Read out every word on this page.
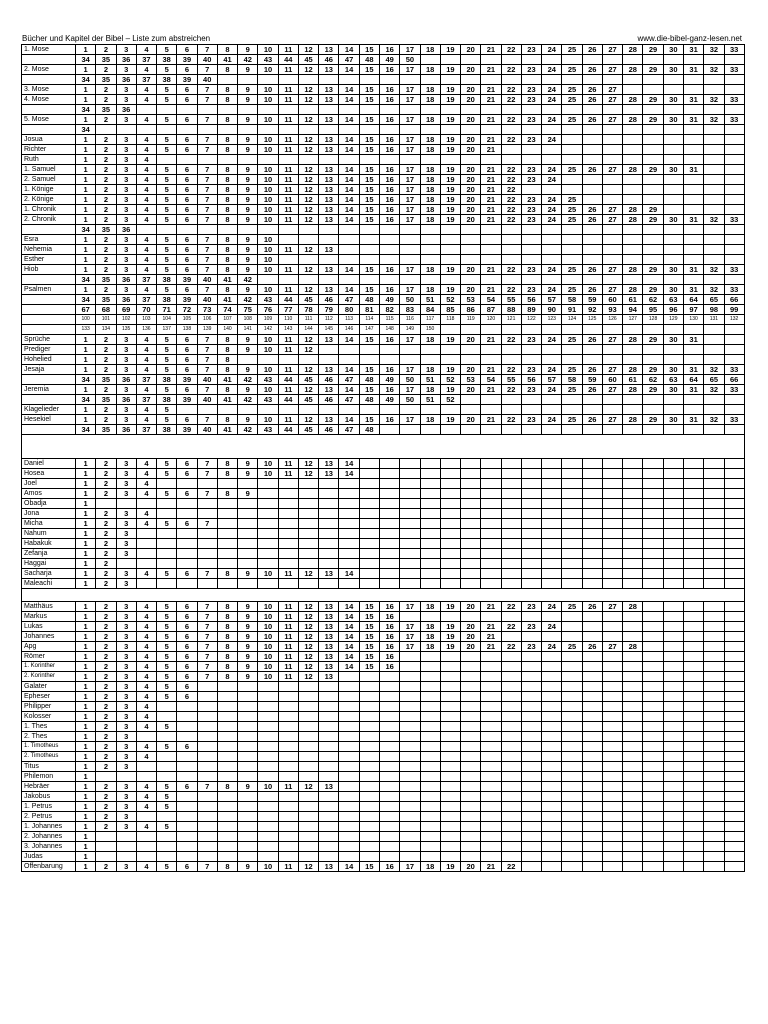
Bücher und Kapitel der Bibel – Liste zum abstreichen	www.die-bibel-ganz-lesen.net
1. Mose	1	2	3	4	5	6	7	8	9	10	11	12	13	14	15	16	17	18	19	20	21	22	23	24	25	26	27	28	29	30	31	32	33
	34	35	36	37	38	39	40	41	42	43	44	45	46	47	48	49	50																
2. Mose	1	2	3	4	5	6	7	8	9	10	11	12	13	14	15	16	17	18	19	20	21	22	23	24	25	26	27	28	29	30	31	32	33
	34	35	36	37	38	39	40																										
3. Mose	1	2	3	4	5	6	7	8	9	10	11	12	13	14	15	16	17	18	19	20	21	22	23	24	25	26	27						
4. Mose	1	2	3	4	5	6	7	8	9	10	11	12	13	14	15	16	17	18	19	20	21	22	23	24	25	26	27	28	29	30	31	32	33
	34	35	36																														
5. Mose	1	2	3	4	5	6	7	8	9	10	11	12	13	14	15	16	17	18	19	20	21	22	23	24	25	26	27	28	29	30	31	32	33
	34																																
Josua	1	2	3	4	5	6	7	8	9	10	11	12	13	14	15	16	17	18	19	20	21	22	23	24									
Richter	1	2	3	4	5	6	7	8	9	10	11	12	13	14	15	16	17	18	19	20	21												
Ruth	1	2	3	4																													
1. Samuel	1	2	3	4	5	6	7	8	9	10	11	12	13	14	15	16	17	18	19	20	21	22	23	24	25	26	27	28	29	30	31		
2. Samuel	1	2	3	4	5	6	7	8	9	10	11	12	13	14	15	16	17	18	19	20	21	22	23	24									
1. Könige	1	2	3	4	5	6	7	8	9	10	11	12	13	14	15	16	17	18	19	20	21	22											
2. Könige	1	2	3	4	5	6	7	8	9	10	11	12	13	14	15	16	17	18	19	20	21	22	23	24	25								
1. Chronik	1	2	3	4	5	6	7	8	9	10	11	12	13	14	15	16	17	18	19	20	21	22	23	24	25	26	27	28	29				
2. Chronik	1	2	3	4	5	6	7	8	9	10	11	12	13	14	15	16	17	18	19	20	21	22	23	24	25	26	27	28	29	30	31	32	33
	34	35	36																														
Esra	1	2	3	4	5	6	7	8	9	10																							
Nehemia	1	2	3	4	5	6	7	8	9	10	11	12	13																				
Esther	1	2	3	4	5	6	7	8	9	10																							
Hiob	1	2	3	4	5	6	7	8	9	10	11	12	13	14	15	16	17	18	19	20	21	22	23	24	25	26	27	28	29	30	31	32	33
	34	35	36	37	38	39	40	41	42																								
Psalmen	1	2	3	4	5	6	7	8	9	10	11	12	13	14	15	16	17	18	19	20	21	22	23	24	25	26	27	28	29	30	31	32	33
	34	35	36	37	38	39	40	41	42	43	44	45	46	47	48	49	50	51	52	53	54	55	56	57	58	59	60	61	62	63	64	65	66
	67	68	69	70	71	72	73	74	75	76	77	78	79	80	81	82	83	84	85	86	87	88	89	90	91	92	93	94	95	96	97	98	99
	100	101	102	103	104	105	106	107	108	109	110	111	112	113	114	115	116	117	118	119	120	121	122	123	124	125	126	127	128	129	130	131	132
	133	134	135	136	137	138	139	140	141	142	143	144	145	146	147	148	149	150															
Sprüche	1	2	3	4	5	6	7	8	9	10	11	12	13	14	15	16	17	18	19	20	21	22	23	24	25	26	27	28	29	30	31		
Prediger	1	2	3	4	5	6	7	8	9	10	11	12																					
Hohelied	1	2	3	4	5	6	7	8																									
Jesaja	1	2	3	4	5	6	7	8	9	10	11	12	13	14	15	16	17	18	19	20	21	22	23	24	25	26	27	28	29	30	31	32	33
	34	35	36	37	38	39	40	41	42	43	44	45	46	47	48	49	50	51	52	53	54	55	56	57	58	59	60	61	62	63	64	65	66
Jeremia	1	2	3	4	5	6	7	8	9	10	11	12	13	14	15	16	17	18	19	20	21	22	23	24	25	26	27	28	29	30	31	32	33
	34	35	36	37	38	39	40	41	42	43	44	45	46	47	48	49	50	51	52														
Klagelieder	1	2	3	4	5																												
Hesekiel	1	2	3	4	5	6	7	8	9	10	11	12	13	14	15	16	17	18	19	20	21	22	23	24	25	26	27	28	29	30	31	32	33
	34	35	36	37	38	39	40	41	42	43	44	45	46	47	48																		

Daniel	1	2	3	4	5	6	7	8	9	10	11	12	13	14																			
Hosea	1	2	3	4	5	6	7	8	9	10	11	12	13	14																			
Joel	1	2	3	4																													
Amos	1	2	3	4	5	6	7	8	9																								
Obadja	1																																
Jona	1	2	3	4																													
Micha	1	2	3	4	5	6	7																										
Nahum	1	2	3																														
Habakuk	1	2	3																														
Zefanja	1	2	3																														
Haggai	1	2																															
Sacharja	1	2	3	4	5	6	7	8	9	10	11	12	13	14																			
Maleachi	1	2	3																														

Matthäus	1	2	3	4	5	6	7	8	9	10	11	12	13	14	15	16	17	18	19	20	21	22	23	24	25	26	27	28					
Markus	1	2	3	4	5	6	7	8	9	10	11	12	13	14	15	16																	
Lukas	1	2	3	4	5	6	7	8	9	10	11	12	13	14	15	16	17	18	19	20	21	22	23	24									
Johannes	1	2	3	4	5	6	7	8	9	10	11	12	13	14	15	16	17	18	19	20	21												
Apg	1	2	3	4	5	6	7	8	9	10	11	12	13	14	15	16	17	18	19	20	21	22	23	24	25	26	27	28					
Römer	1	2	3	4	5	6	7	8	9	10	11	12	13	14	15	16																	
1. Korinther	1	2	3	4	5	6	7	8	9	10	11	12	13	14	15	16																	
2. Korinther	1	2	3	4	5	6	7	8	9	10	11	12	13																				
Galater	1	2	3	4	5	6																											
Epheser	1	2	3	4	5	6																											
Philipper	1	2	3	4																													
Kolosser	1	2	3	4																													
1. Thes	1	2	3	4	5																												
2. Thes	1	2	3																														
1. Timotheus	1	2	3	4	5	6																											
2. Timotheus	1	2	3	4																													
Titus	1	2	3																														
Philemon	1																																
Hebräer	1	2	3	4	5	6	7	8	9	10	11	12	13																				
Jakobus	1	2	3	4	5																												
1. Petrus	1	2	3	4	5																												
2. Petrus	1	2	3																														
1. Johannes	1	2	3	4	5																												
2. Johannes	1																																
3. Johannes	1																																
Judas	1																																
Offenbarung	1	2	3	4	5	6	7	8	9	10	11	12	13	14	15	16	17	18	19	20	21	22											
